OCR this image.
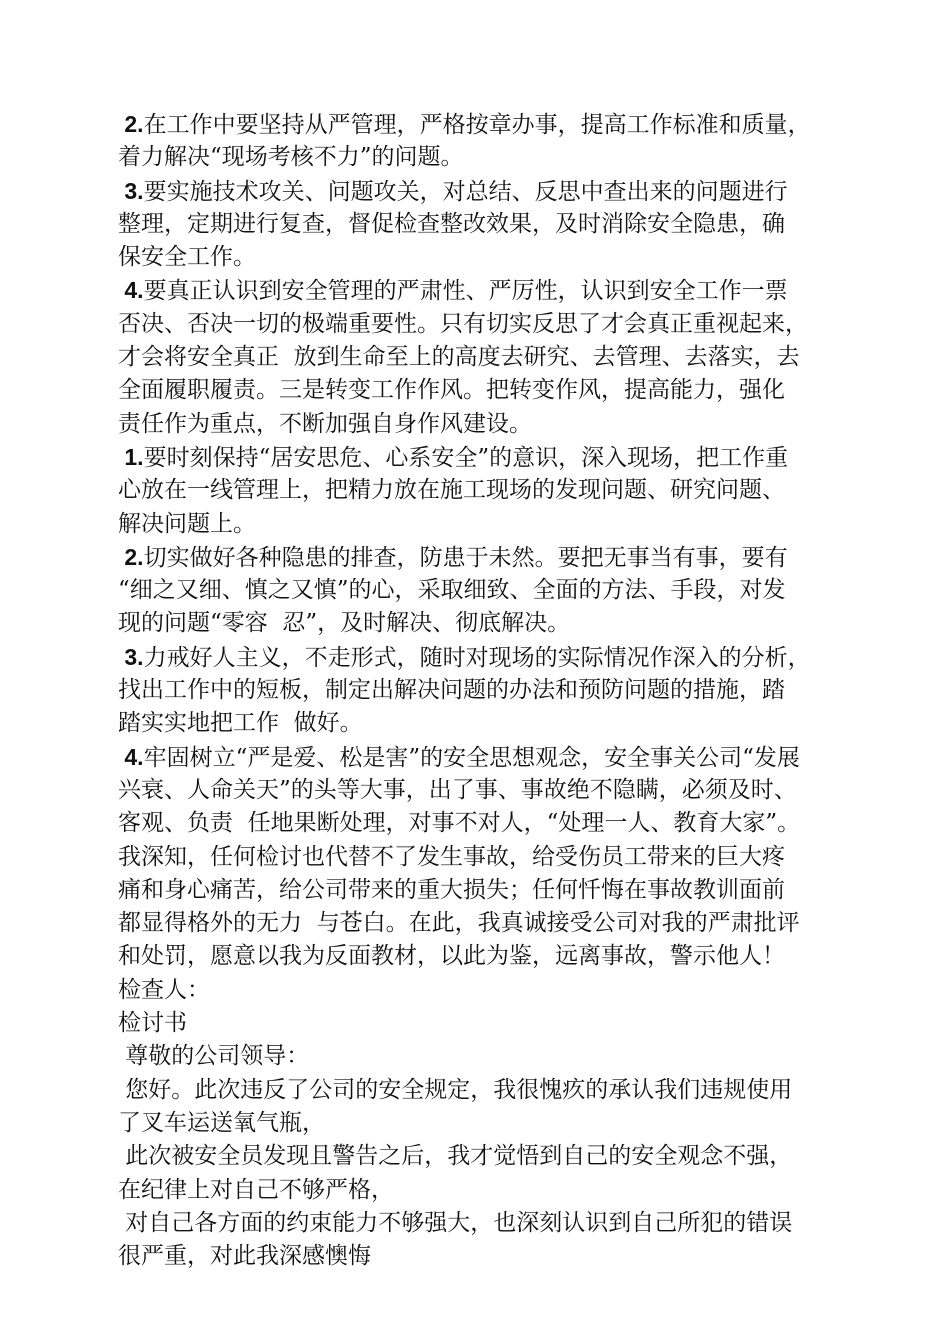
2.在工作中要坚持从严管理，严格按章办事，提高工作标准和质量，
着力解决“现场考核不力”的问题。
3.要实施技术攻关、问题攻关，对总结、反思中查出来的问题进行
整理，定期进行复查，督促检查整改效果，及时消除安全隐患，确
保安全工作。
4.要真正认识到安全管理的严肃性、严厉性，认识到安全工作一票
否决、否决一切的极端重要性。只有切实反思了才会真正重视起来，
才会将安全真正  放到生命至上的高度去研究、去管理、去落实，去
全面履职履责。三是转变工作作风。把转变作风，提高能力，强化
责任作为重点，不断加强自身作风建设。
1.要时刻保持“居安思危、心系安全”的意识，深入现场，把工作重
心放在一线管理上，把精力放在施工现场的发现问题、研究问题、
解决问题上。
2.切实做好各种隐患的排查，防患于未然。要把无事当有事，要有
“细之又细、慎之又慎”的心，采取细致、全面的方法、手段，对发
现的问题“零容  忍”，及时解决、彻底解决。
3.力戒好人主义，不走形式，随时对现场的实际情况作深入的分析，
找出工作中的短板，制定出解决问题的办法和预防问题的措施，踏
踏实实地把工作  做好。
4.牢固树立“严是爱、松是害”的安全思想观念，安全事关公司“发展
兴衰、人命关天”的头等大事，出了事、事故绝不隐瞒，必须及时、
客观、负责  任地果断处理，对事不对人，“处理一人、教育大家”。
我深知，任何检讨也代替不了发生事故，给受伤员工带来的巨大疼
痛和身心痛苦，给公司带来的重大损失；任何忏悔在事故教训面前
都显得格外的无力  与苍白。在此，我真诚接受公司对我的严肃批评
和处罚，愿意以我为反面教材，以此为鉴，远离事故，警示他人！
检查人：
检讨书
尊敬的公司领导：
您好。此次违反了公司的安全规定，我很愧疚的承认我们违规使用
了叉车运送氧气瓶，
此次被安全员发现且警告之后，我才觉悟到自己的安全观念不强，
在纪律上对自己不够严格，
对自己各方面的约束能力不够强大，也深刻认识到自己所犯的错误
很严重，对此我深感懊悔
